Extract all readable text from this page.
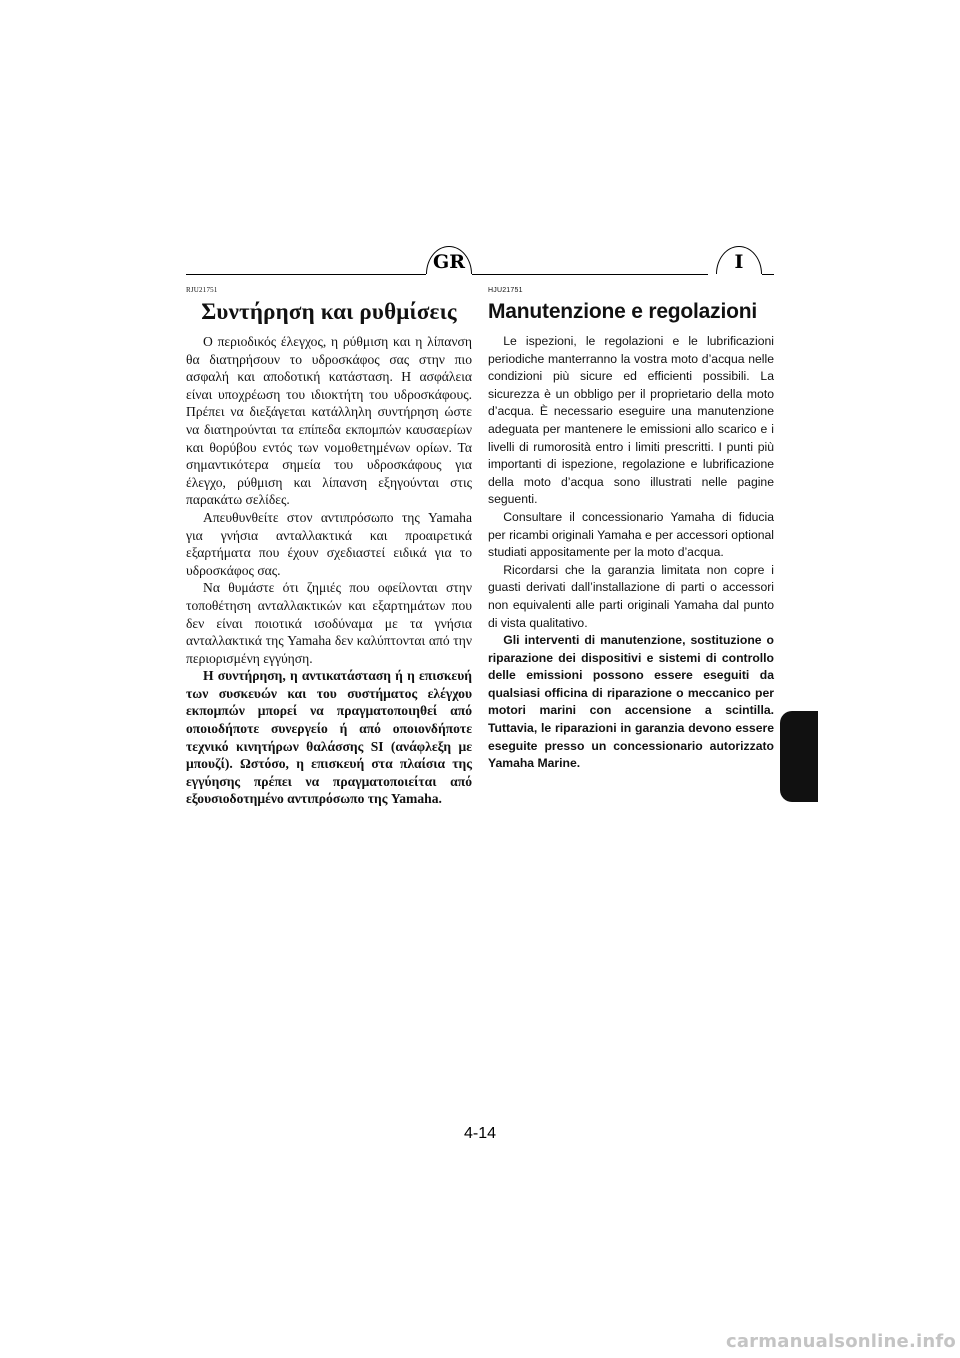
GR	I
RJU21751
Συντήρηση και ρυθμίσεις

Ο περιοδικός έλεγχος, η ρύθμιση και η λίπανση θα διατηρήσουν το υδροσκάφος σας στην πιο ασφαλή και αποδοτική κατάσταση. Η ασφάλεια είναι υποχρέωση του ιδιοκτήτη του υδροσκάφους. Πρέπει να διεξάγεται κατάλληλη συντήρηση ώστε να διατηρούνται τα επίπεδα εκπομπών καυσαερίων και θορύβου εντός των νομοθετημένων ορίων. Τα σημαντικότερα σημεία του υδροσκάφους για έλεγχο, ρύθμιση και λίπανση εξηγούνται στις παρακάτω σελίδες.

Απευθυνθείτε στον αντιπρόσωπο της Yamaha για γνήσια ανταλλακτικά και προαιρετικά εξαρτήματα που έχουν σχεδιαστεί ειδικά για το υδροσκάφος σας.

Να θυμάστε ότι ζημιές που οφείλονται στην τοποθέτηση ανταλλακτικών και εξαρτημάτων που δεν είναι ποιοτικά ισοδύναμα με τα γνήσια ανταλλακτικά της Yamaha δεν καλύπτονται από την περιορισμένη εγγύηση.

Η συντήρηση, η αντικατάσταση ή η επισκευή των συσκευών και του συστήματος ελέγχου εκπομπών μπορεί να πραγματοποιηθεί από οποιοδήποτε συνεργείο ή από οποιονδήποτε τεχνικό κινητήρων θαλάσσης SI (ανάφλεξη με μπουζί). Ωστόσο, η επισκευή στα πλαίσια της εγγύησης πρέπει να πραγματοποιείται από εξουσιοδοτημένο αντιπρόσωπο της Yamaha.

HJU21751
Manutenzione e regolazioni

Le ispezioni, le regolazioni e le lubrificazioni periodiche manterranno la vostra moto d’acqua nelle condizioni più sicure ed efficienti possibili. La sicurezza è un obbligo per il proprietario della moto d’acqua. È necessario eseguire una manutenzione adeguata per mantenere le emissioni allo scarico e i livelli di rumorosità entro i limiti prescritti. I punti più importanti di ispezione, regolazione e lubrificazione della moto d’acqua sono illustrati nelle pagine seguenti.

Consultare il concessionario Yamaha di fiducia per ricambi originali Yamaha e per accessori optional studiati appositamente per la moto d’acqua.

Ricordarsi che la garanzia limitata non copre i guasti derivati dall’installazione di parti o accessori non equivalenti alle parti originali Yamaha dal punto di vista qualitativo.

Gli interventi di manutenzione, sostituzione o riparazione dei dispositivi e sistemi di controllo delle emissioni possono essere eseguiti da qualsiasi officina di riparazione o meccanico per motori marini con accensione a scintilla. Tuttavia, le riparazioni in garanzia devono essere eseguite presso un concessionario autorizzato Yamaha Marine.

4-14
carmanualsonline.info
